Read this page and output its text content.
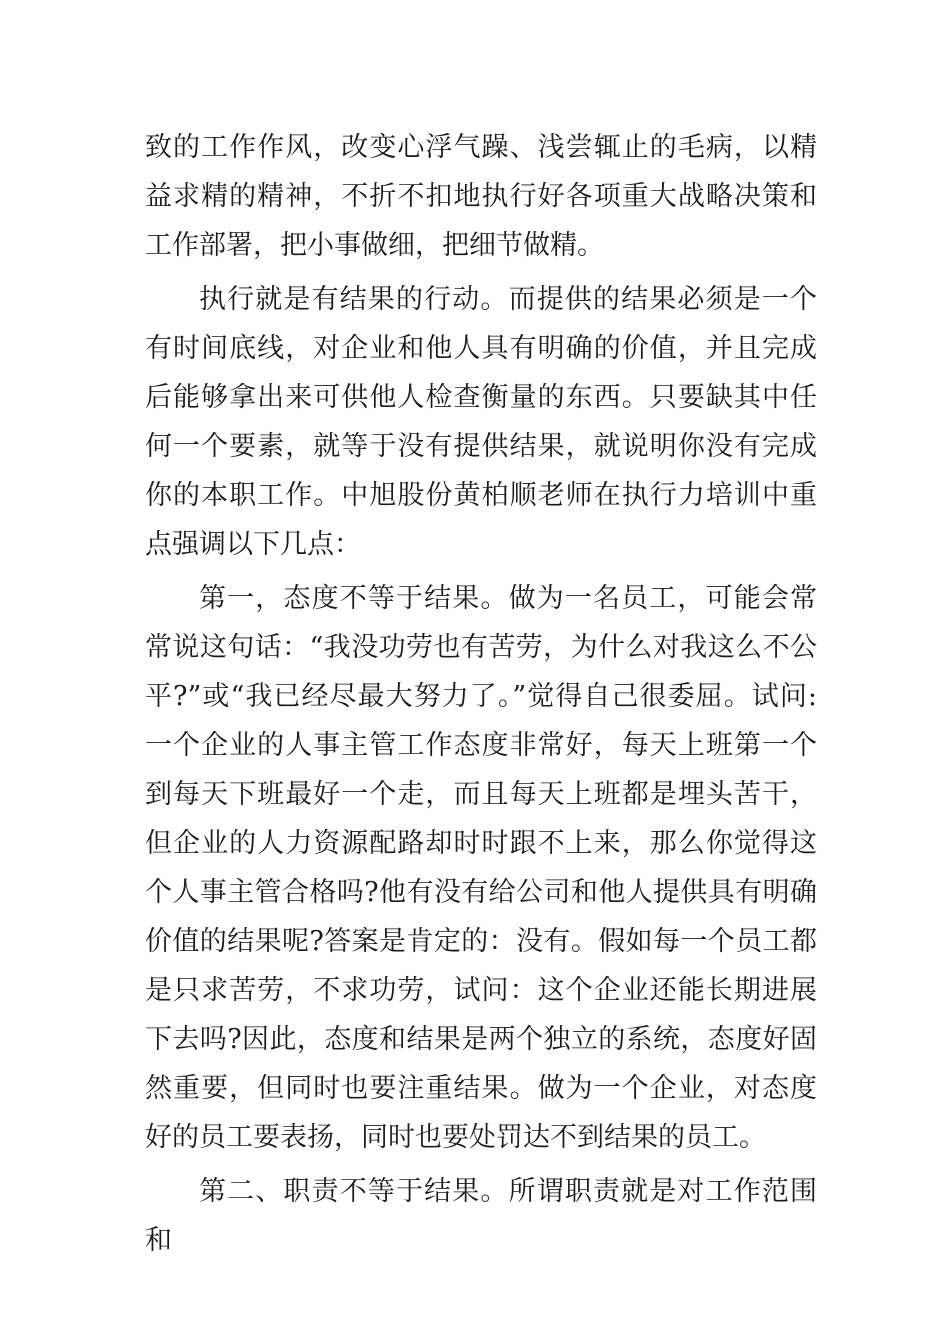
致的工作作风，改变心浮气躁、浅尝辄止的毛病，以精益求精的精神，不折不扣地执行好各项重大战略决策和工作部署，把小事做细，把细节做精。

执行就是有结果的行动。而提供的结果必须是一个有时间底线，对企业和他人具有明确的价值，并且完成后能够拿出来可供他人检查衡量的东西。只要缺其中任何一个要素，就等于没有提供结果，就说明你没有完成你的本职工作。中旭股份黄柏顺老师在执行力培训中重点强调以下几点：

第一，态度不等于结果。做为一名员工，可能会常常说这句话：“我没功劳也有苦劳，为什么对我这么不公平?”或“我已经尽最大努力了。”觉得自己很委屈。试问:一个企业的人事主管工作态度非常好，每天上班第一个到每天下班最好一个走，而且每天上班都是埋头苦干，但企业的人力资源配路却时时跟不上来，那么你觉得这个人事主管合格吗?他有没有给公司和他人提供具有明确价值的结果呢?答案是肯定的：没有。假如每一个员工都是只求苦劳，不求功劳，试问：这个企业还能长期进展下去吗?因此，态度和结果是两个独立的系统，态度好固然重要，但同时也要注重结果。做为一个企业，对态度好的员工要表扬，同时也要处罚达不到结果的员工。

第二、职责不等于结果。所谓职责就是对工作范围和
